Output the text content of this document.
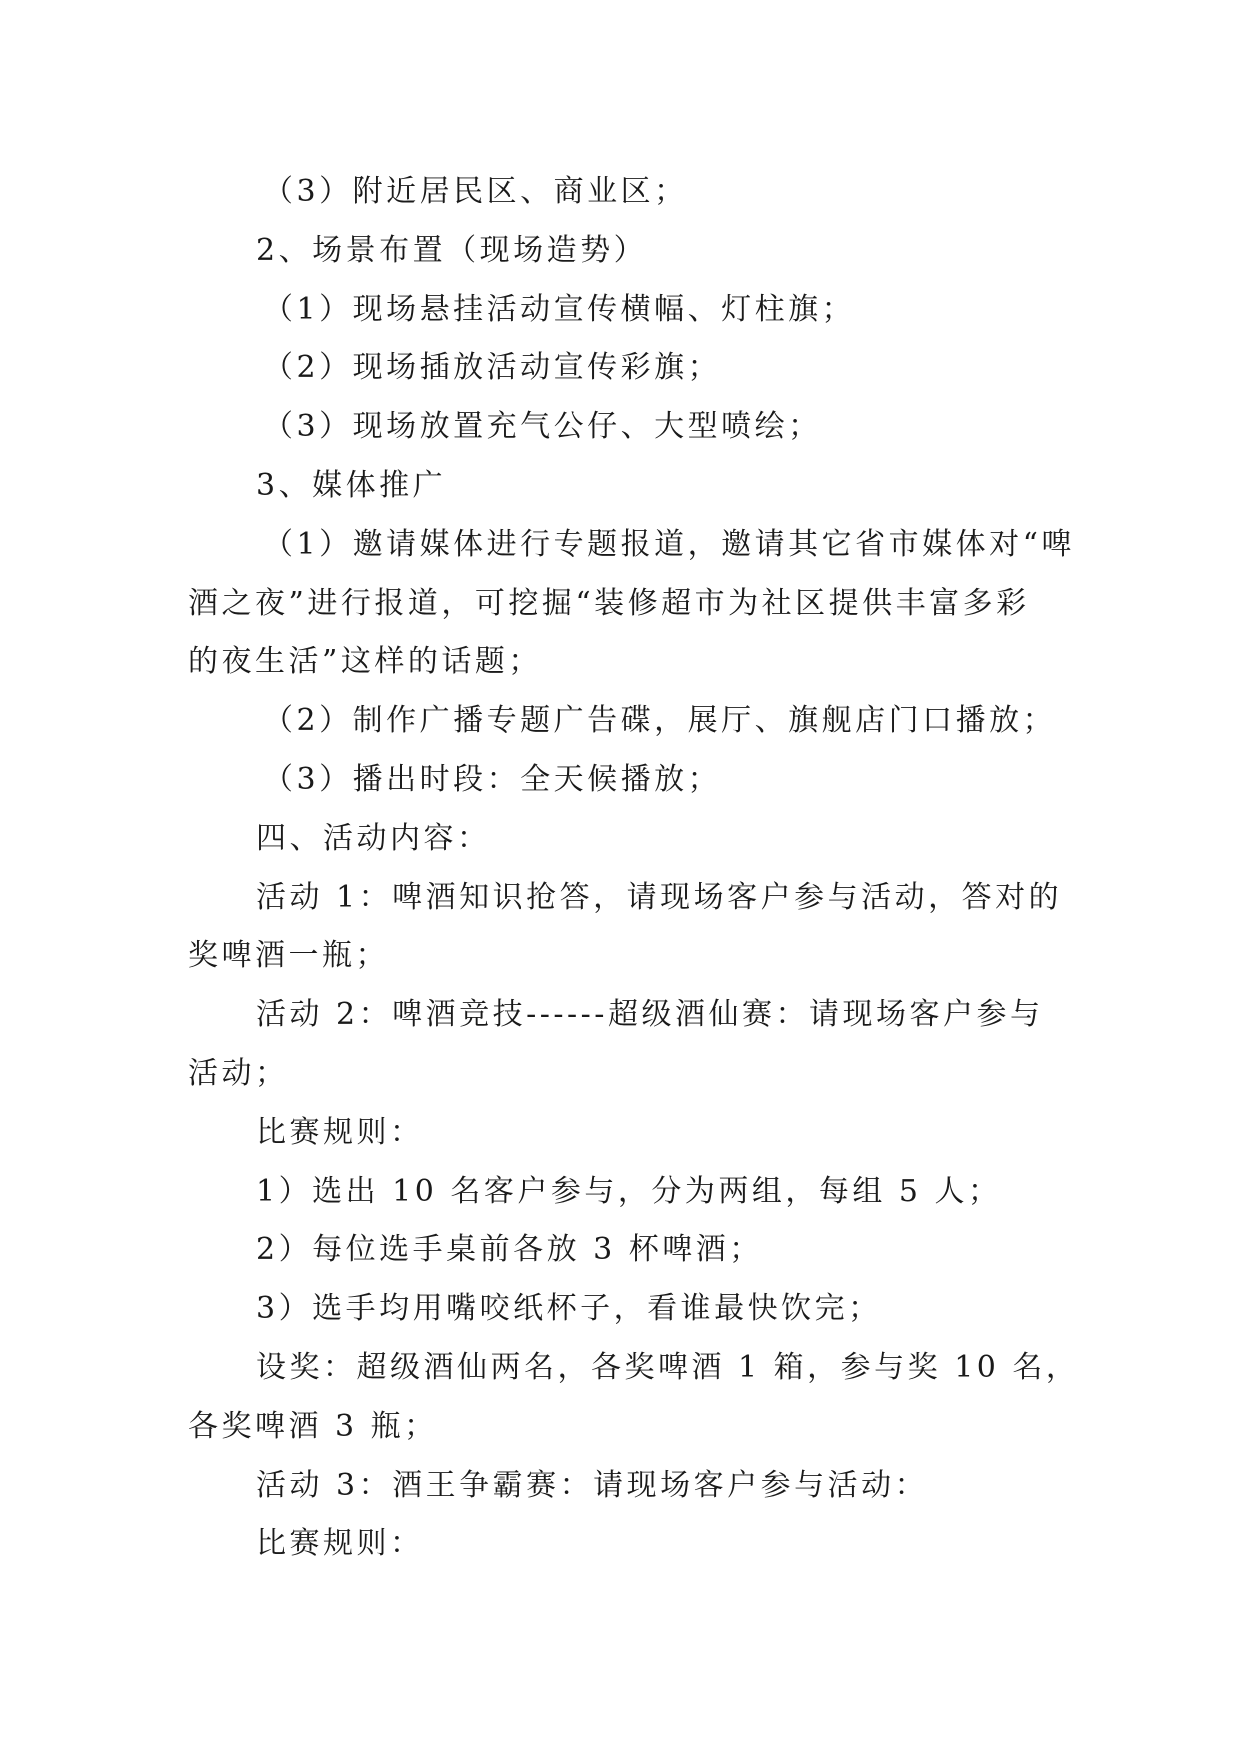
（3）附近居民区、商业区；
2、场景布置（现场造势）
（1）现场悬挂活动宣传横幅、灯柱旗；
（2）现场插放活动宣传彩旗；
（3）现场放置充气公仔、大型喷绘；
3、媒体推广
（1）邀请媒体进行专题报道，邀请其它省市媒体对“啤
酒之夜”进行报道，可挖掘“装修超市为社区提供丰富多彩
的夜生活”这样的话题；
（2）制作广播专题广告碟，展厅、旗舰店门口播放；
（3）播出时段：全天候播放；
四、活动内容：
活动 1：啤酒知识抢答，请现场客户参与活动，答对的
奖啤酒一瓶；
活动 2：啤酒竞技------超级酒仙赛：请现场客户参与
活动；
比赛规则：
1）选出 10 名客户参与，分为两组，每组 5 人；
2）每位选手桌前各放 3 杯啤酒；
3）选手均用嘴咬纸杯子，看谁最快饮完；
设奖：超级酒仙两名，各奖啤酒 1 箱，参与奖 10 名，
各奖啤酒 3 瓶；
活动 3：酒王争霸赛：请现场客户参与活动：
比赛规则：
